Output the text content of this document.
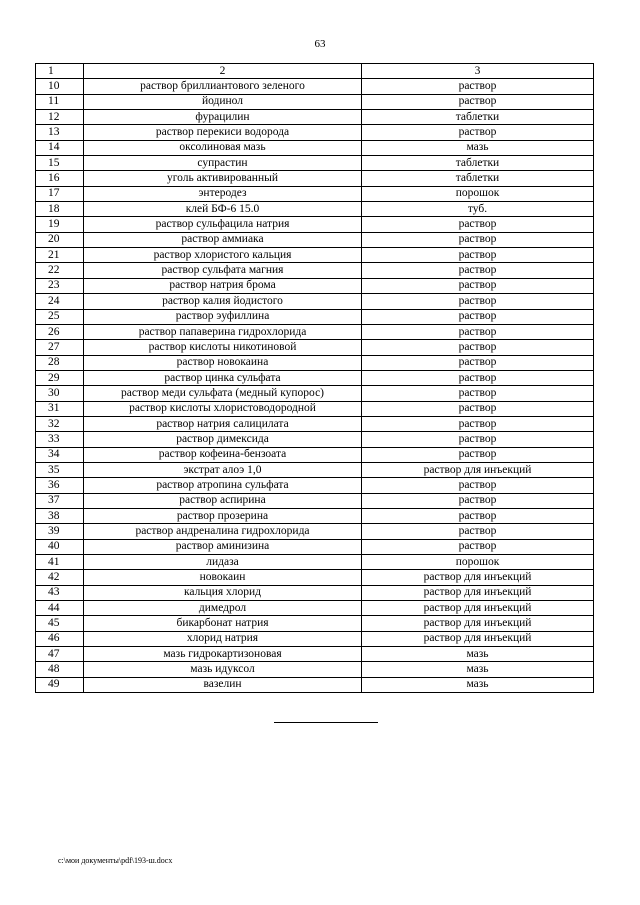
63
1	2	3
10	раствор бриллиантового зеленого	раствор
11	йодинол	раствор
12	фурацилин	таблетки
13	раствор перекиси водорода	раствор
14	оксолиновая мазь	мазь
15	супрастин	таблетки
16	уголь активированный	таблетки
17	энтеродез	порошок
18	клей БФ-6 15.0	туб.
19	раствор сульфацила натрия	раствор
20	раствор аммиака	раствор
21	раствор хлористого кальция	раствор
22	раствор сульфата магния	раствор
23	раствор натрия брома	раствор
24	раствор калия йодистого	раствор
25	раствор эуфиллина	раствор
26	раствор папаверина гидрохлорида	раствор
27	раствор кислоты никотиновой	раствор
28	раствор новокаина	раствор
29	раствор цинка сульфата	раствор
30	раствор меди сульфата (медный купорос)	раствор
31	раствор кислоты хлористоводородной	раствор
32	раствор натрия салицилата	раствор
33	раствор димексида	раствор
34	раствор кофеина-бензоата	раствор
35	экстрат алоэ 1,0	раствор для инъекций
36	раствор атропина сульфата	раствор
37	раствор аспирина	раствор
38	раствор прозерина	раствор
39	раствор андреналина гидрохлорида	раствор
40	раствор аминизина	раствор
41	лидаза	порошок
42	новокаин	раствор для инъекций
43	кальция хлорид	раствор для инъекций
44	димедрол	раствор для инъекций
45	бикарбонат натрия	раствор для инъекций
46	хлорид натрия	раствор для инъекций
47	мазь гидрокартизоновая	мазь
48	мазь идуксол	мазь
49	вазелин	мазь
c:\мои документы\pdf\193-ш.docx
